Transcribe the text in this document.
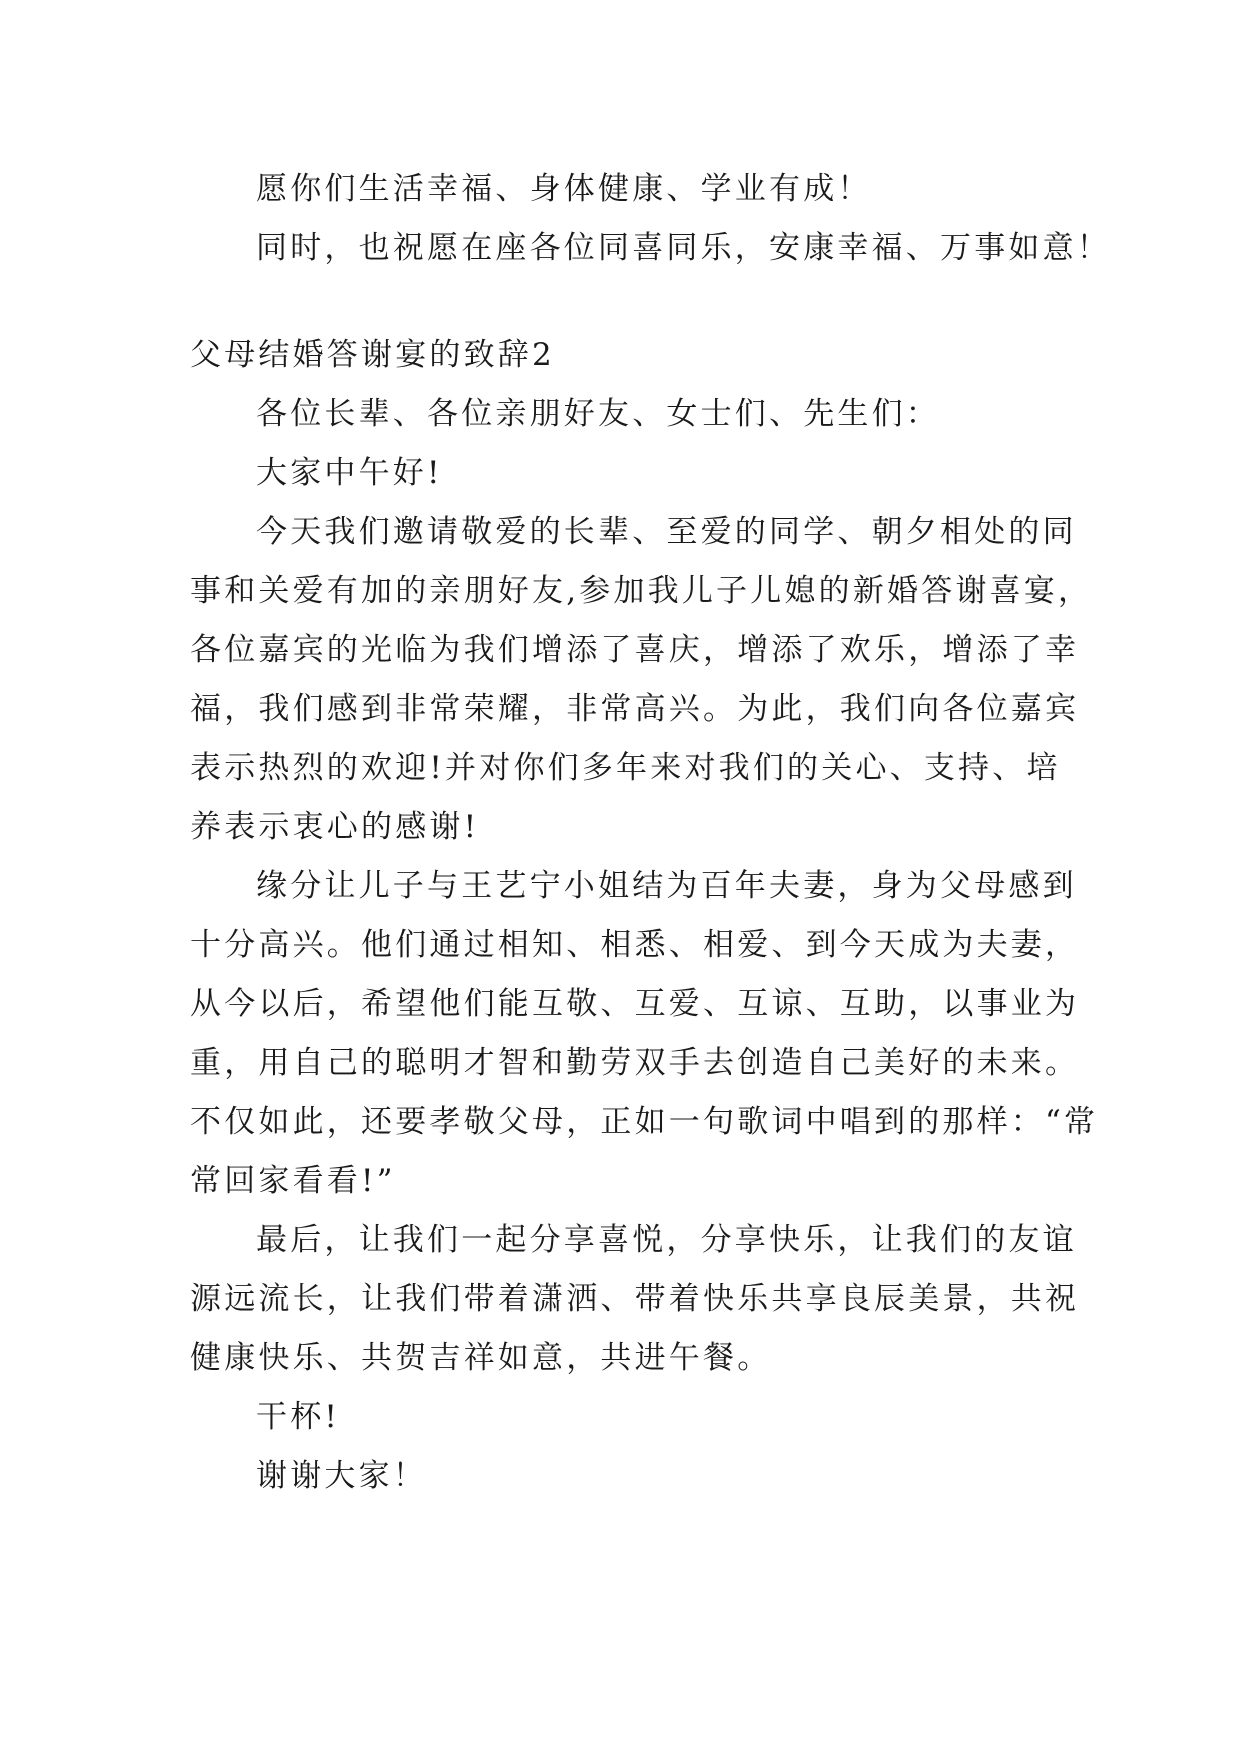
愿你们生活幸福、身体健康、学业有成！
同时，也祝愿在座各位同喜同乐，安康幸福、万事如意！
父母结婚答谢宴的致辞2
各位长辈、各位亲朋好友、女士们、先生们：
大家中午好!
今天我们邀请敬爱的长辈、至爱的同学、朝夕相处的同
事和关爱有加的亲朋好友,参加我儿子儿媳的新婚答谢喜宴，
各位嘉宾的光临为我们增添了喜庆，增添了欢乐，增添了幸
福，我们感到非常荣耀，非常高兴。为此，我们向各位嘉宾
表示热烈的欢迎!并对你们多年来对我们的关心、支持、培
养表示衷心的感谢!
缘分让儿子与王艺宁小姐结为百年夫妻，身为父母感到
十分高兴。他们通过相知、相悉、相爱、到今天成为夫妻，
从今以后，希望他们能互敬、互爱、互谅、互助，以事业为
重，用自己的聪明才智和勤劳双手去创造自己美好的未来。
不仅如此，还要孝敬父母，正如一句歌词中唱到的那样：“常
常回家看看!”
最后，让我们一起分享喜悦，分享快乐，让我们的友谊
源远流长，让我们带着潇洒、带着快乐共享良辰美景，共祝
健康快乐、共贺吉祥如意，共进午餐。
干杯!
谢谢大家！
